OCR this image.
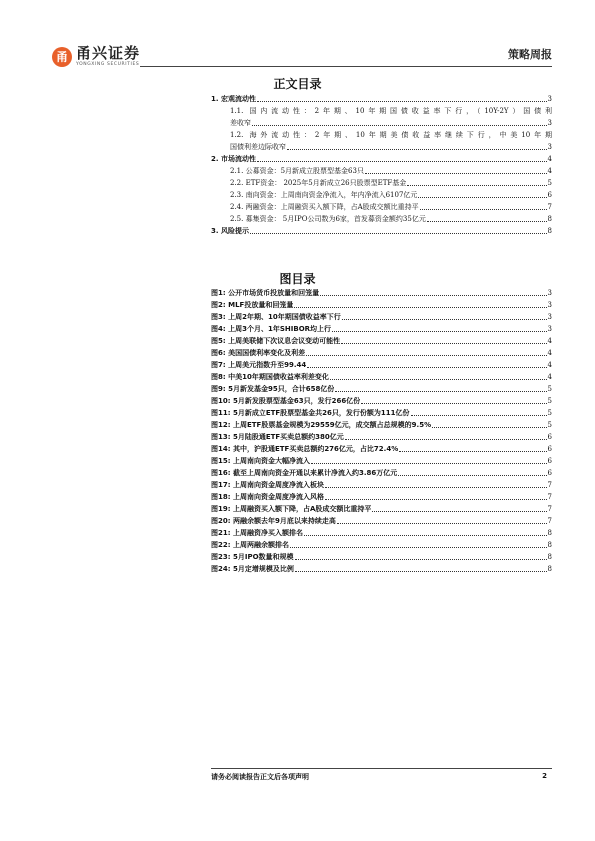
甬 甬兴证券
YONGXING SECURITIES
策略周报
正文目录
1. 宏观流动性	3
1.1. 国内流动性：2年期、10年期国债收益率下行，（10Y-2Y）国债利
差收窄	3
1.2. 海外流动性：2年期、10年期美债收益率继续下行，中美10年期
国债利差边际收窄	3
2. 市场流动性	4
2.1. 公募资金：5月新成立股票型基金63只	4
2.2. ETF资金： 2025年5月新成立26只股票型ETF基金	5
2.3. 南向资金：上周南向资金净流入，年内净流入6107亿元	6
2.4. 两融资金：上周融资买入额下降，占A股成交额比重持平	7
2.5. 募集资金： 5月IPO公司数为6家，首发募资金额约35亿元	8
3. 风险提示	8
图目录
图1: 公开市场货币投放量和回笼量	3
图2: MLF投放量和回笼量	3
图3: 上周2年期、10年期国债收益率下行	3
图4: 上周3个月、1年SHIBOR均上行	3
图5: 上周美联储下次议息会议变动可能性	4
图6: 美国国债利率变化及利差	4
图7: 上周美元指数升至99.44	4
图8: 中美10年期国债收益率利差变化	4
图9: 5月新发基金95只，合计658亿份	5
图10: 5月新发股票型基金63只，发行266亿份	5
图11: 5月新成立ETF股票型基金共26只，发行份额为111亿份	5
图12: 上周ETF股票基金规模为29559亿元，成交额占总规模的9.5%	5
图13: 5月陆股通ETF买卖总额约380亿元	6
图14: 其中，沪股通ETF买卖总额约276亿元，占比72.4%	6
图15: 上周南向资金大幅净流入	6
图16: 截至上周南向资金开通以来累计净流入约3.86万亿元	6
图17: 上周南向资金周度净流入板块	7
图18: 上周南向资金周度净流入风格	7
图19: 上周融资买入额下降，占A股成交额比重持平	7
图20: 两融余额去年9月底以来持续走高	7
图21: 上周融资净买入额排名	8
图22: 上周两融余额排名	8
图23: 5月IPO数量和规模	8
图24: 5月定增规模及比例	8
请务必阅读报告正文后各项声明	2
